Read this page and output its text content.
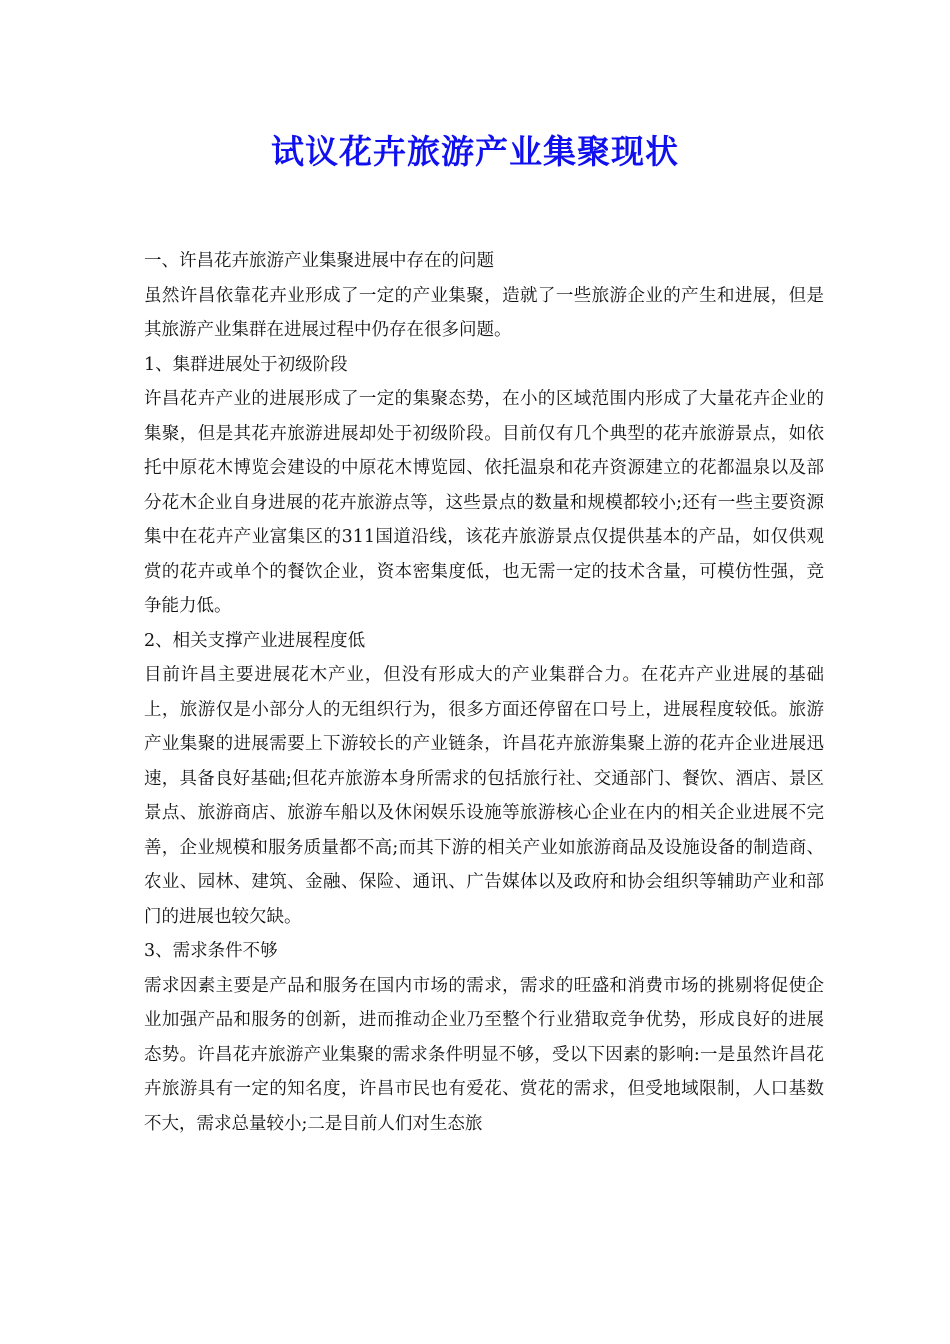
试议花卉旅游产业集聚现状

一、许昌花卉旅游产业集聚进展中存在的问题

虽然许昌依靠花卉业形成了一定的产业集聚，造就了一些旅游企业的产生和进展，但是其旅游产业集群在进展过程中仍存在很多问题。

1、集群进展处于初级阶段

许昌花卉产业的进展形成了一定的集聚态势，在小的区域范围内形成了大量花卉企业的集聚，但是其花卉旅游进展却处于初级阶段。目前仅有几个典型的花卉旅游景点，如依托中原花木博览会建设的中原花木博览园、依托温泉和花卉资源建立的花都温泉以及部分花木企业自身进展的花卉旅游点等，这些景点的数量和规模都较小;还有一些主要资源集中在花卉产业富集区的311国道沿线，该花卉旅游景点仅提供基本的产品，如仅供观赏的花卉或单个的餐饮企业，资本密集度低，也无需一定的技术含量，可模仿性强，竞争能力低。

2、相关支撑产业进展程度低

目前许昌主要进展花木产业，但没有形成大的产业集群合力。在花卉产业进展的基础上，旅游仅是小部分人的无组织行为，很多方面还停留在口号上，进展程度较低。旅游产业集聚的进展需要上下游较长的产业链条，许昌花卉旅游集聚上游的花卉企业进展迅速，具备良好基础;但花卉旅游本身所需求的包括旅行社、交通部门、餐饮、酒店、景区景点、旅游商店、旅游车船以及休闲娱乐设施等旅游核心企业在内的相关企业进展不完善，企业规模和服务质量都不高;而其下游的相关产业如旅游商品及设施设备的制造商、农业、园林、建筑、金融、保险、通讯、广告媒体以及政府和协会组织等辅助产业和部门的进展也较欠缺。

3、需求条件不够

需求因素主要是产品和服务在国内市场的需求，需求的旺盛和消费市场的挑剔将促使企业加强产品和服务的创新，进而推动企业乃至整个行业猎取竞争优势，形成良好的进展态势。许昌花卉旅游产业集聚的需求条件明显不够，受以下因素的影响:一是虽然许昌花卉旅游具有一定的知名度，许昌市民也有爱花、赏花的需求，但受地域限制，人口基数不大，需求总量较小;二是目前人们对生态旅
